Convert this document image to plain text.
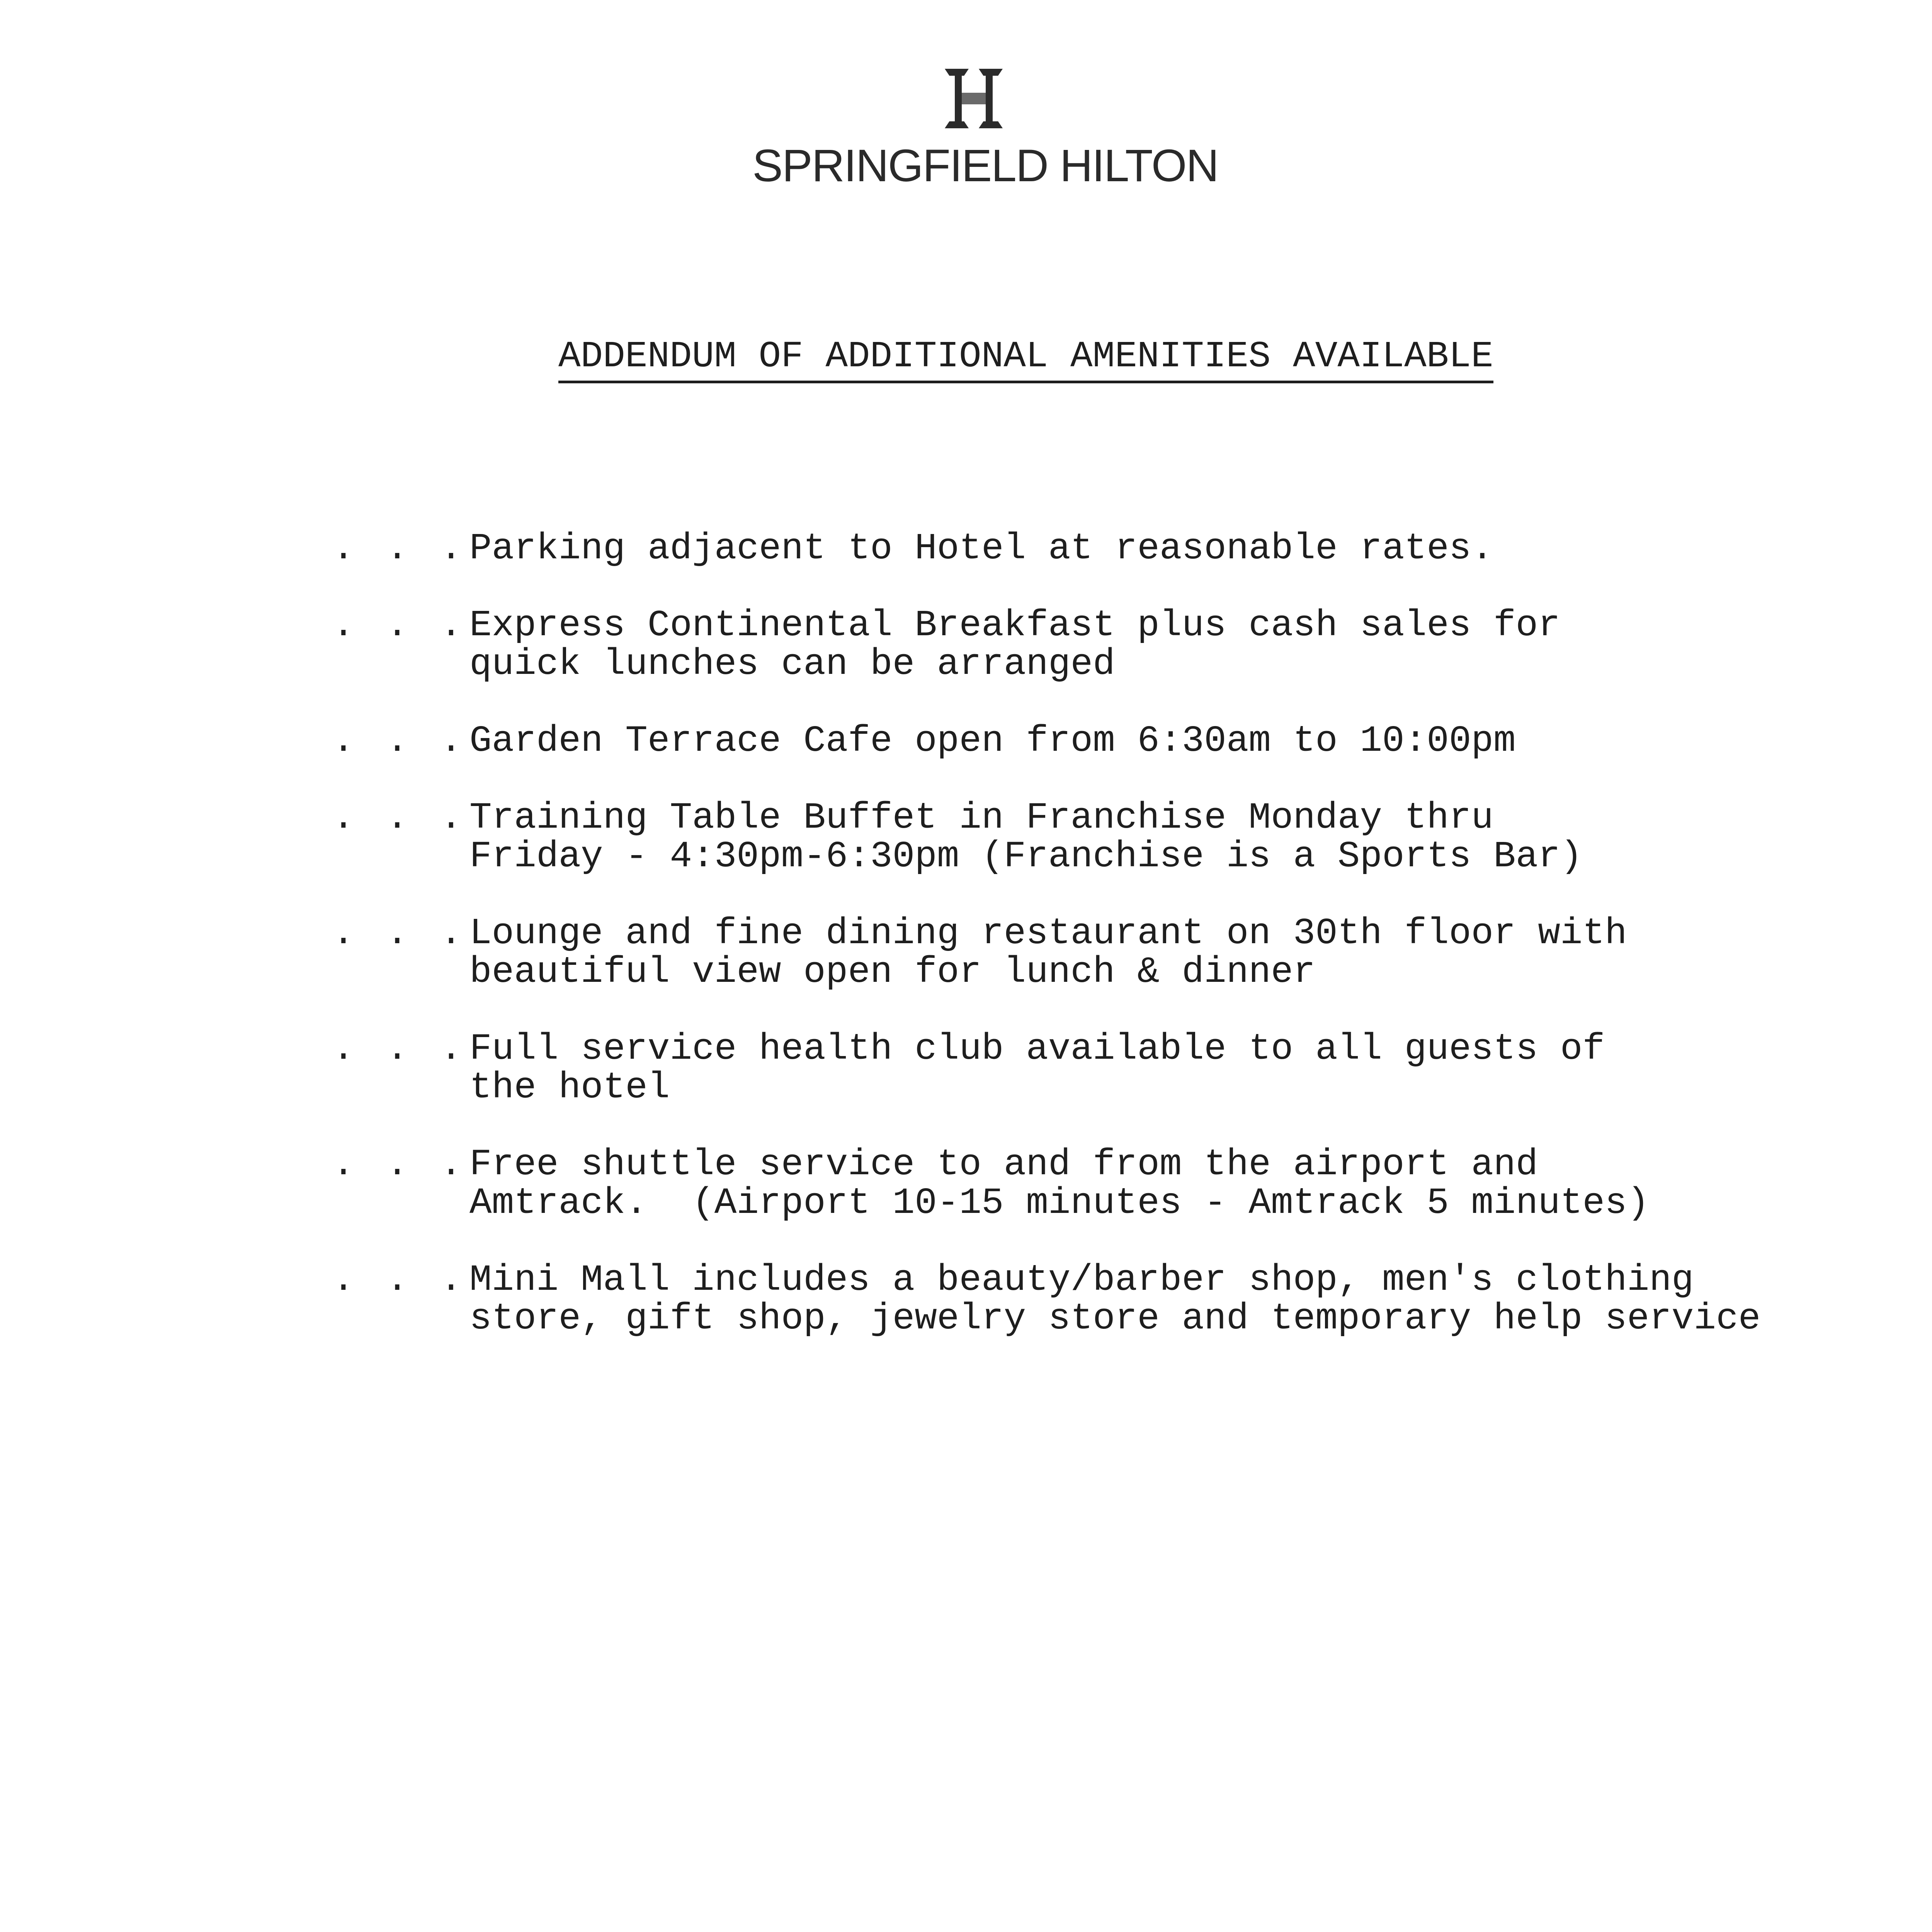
SPRINGFIELD HILTON
ADDENDUM OF ADDITIONAL AMENITIES AVAILABLE
. . . Parking adjacent to Hotel at reasonable rates.
. . . Express Continental Breakfast plus cash sales for
quick lunches can be arranged
. . . Garden Terrace Cafe open from 6:30am to 10:00pm
. . . Training Table Buffet in Franchise Monday thru
Friday - 4:30pm-6:30pm (Franchise is a Sports Bar)
. . . Lounge and fine dining restaurant on 30th floor with
beautiful view open for lunch & dinner
. . . Full service health club available to all guests of
the hotel
. . . Free shuttle service to and from the airport and
Amtrack.  (Airport 10-15 minutes - Amtrack 5 minutes)
. . . Mini Mall includes a beauty/barber shop, men's clothing
store, gift shop, jewelry store and temporary help service
